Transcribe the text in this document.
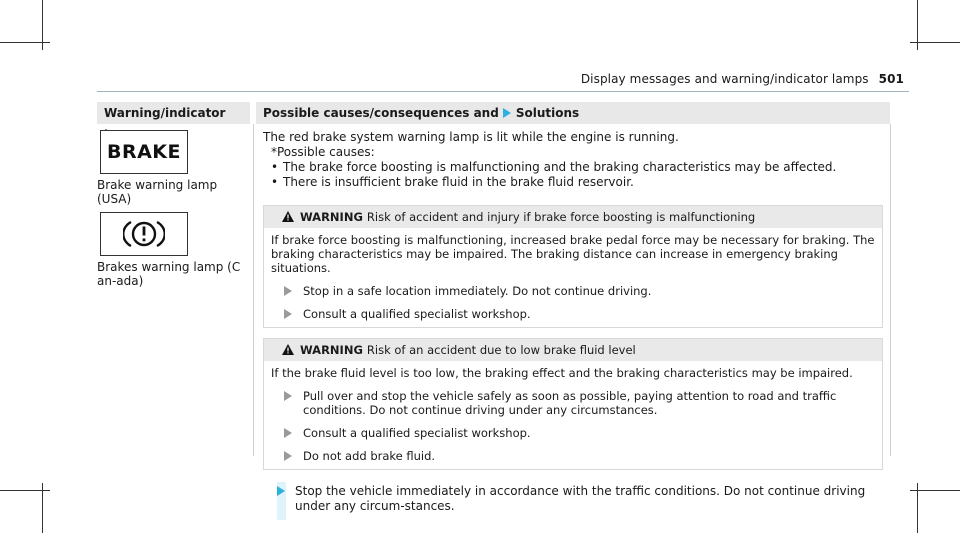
Display messages and warning/indicator lamps 501
Warning/indicator	Possible causes/consequences and Solutions
BRAKE
Brake warning lamp (USA)
Brakes warning lamp (Can-ada)

The red brake system warning lamp is lit while the engine is running.

*Possible causes:

• The brake force boosting is malfunctioning and the braking characteristics may be affected.

• There is insufficient brake fluid in the brake fluid reservoir.

WARNING Risk of accident and injury if brake force boosting is malfunctioning

If brake force boosting is malfunctioning, increased brake pedal force may be necessary for braking. The braking characteristics may be impaired. The braking distance can increase in emergency braking situations.

Stop in a safe location immediately. Do not continue driving.
Consult a qualified specialist workshop.
WARNING Risk of an accident due to low brake fluid level

If the brake fluid level is too low, the braking effect and the braking characteristics may be impaired.

Pull over and stop the vehicle safely as soon as possible, paying attention to road and traffic conditions. Do not continue driving under any circumstances.
Consult a qualified specialist workshop.
Do not add brake fluid.
Stop the vehicle immediately in accordance with the traffic conditions. Do not continue driving under any circum-stances.
